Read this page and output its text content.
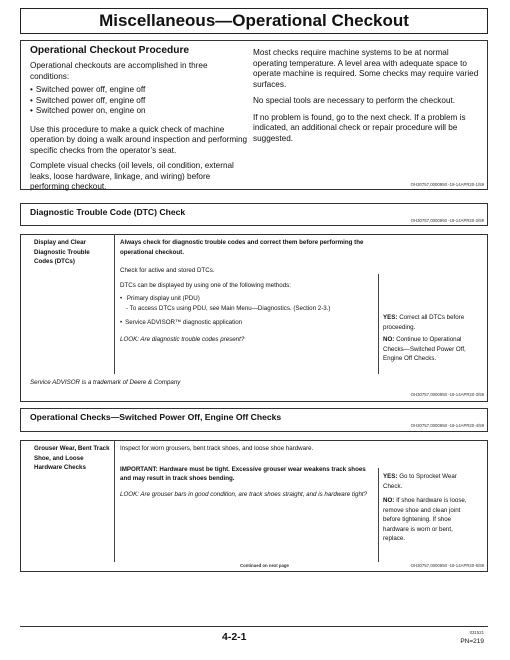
Miscellaneous—Operational Checkout
Operational Checkout Procedure
Operational checkouts are accomplished in three conditions:
• Switched power off, engine off
• Switched power off, engine off
• Switched power on, engine on
Use this procedure to make a quick check of machine operation by doing a walk around inspection and performing specific checks from the operator’s seat.
Complete visual checks (oil levels, oil condition, external leaks, loose hardware, linkage, and wiring) before performing checkout.
Most checks require machine systems to be at normal operating temperature. A level area with adequate space to operate machine is required. Some checks may require varied surfaces.
No special tools are necessary to perform the checkout.
If no problem is found, go to the next check. If a problem is indicated, an additional check or repair procedure will be suggested.
OH30757,0000950 -19-14APR20-1/59
Diagnostic Trouble Code (DTC) Check
OH30757,0000950 -19-14APR20-2/59
Display and Clear Diagnostic Trouble Codes (DTCs)
Always check for diagnostic trouble codes and correct them before performing the operational checkout.
Check for active and stored DTCs.
DTCs can be displayed by using one of the following methods:
• Primary display unit (PDU)
- To access DTCs using PDU, see Main Menu—Diagnostics. (Section 2-3.)
• Service ADVISOR™ diagnostic application
LOOK: Are diagnostic trouble codes present?
YES: Correct all DTCs before proceeding.
NO: Continue to Operational Checks—Switched Power Off, Engine Off Checks.
Service ADVISOR is a trademark of Deere & Company
OH30757,0000950 -19-14APR20-3/59
Operational Checks—Switched Power Off, Engine Off Checks
OH30757,0000950 -19-14APR20-4/59
Grouser Wear, Bent Track Shoe, and Loose Hardware Checks
Inspect for worn grousers, bent track shoes, and loose shoe hardware.
IMPORTANT: Hardware must be tight. Excessive grouser wear weakens track shoes and may result in track shoes bending.
LOOK: Are grouser bars in good condition, are track shoes straight, and is hardware tight?
YES: Go to Sprocket Wear Check.
NO: If shoe hardware is loose, remove shoe and clean joint before tightening. If shoe hardware is worn or bent, replace.
Continued on next page	OH30757,0000950 -19-14APR20-5/59
4-2-1	031521
PN=219
